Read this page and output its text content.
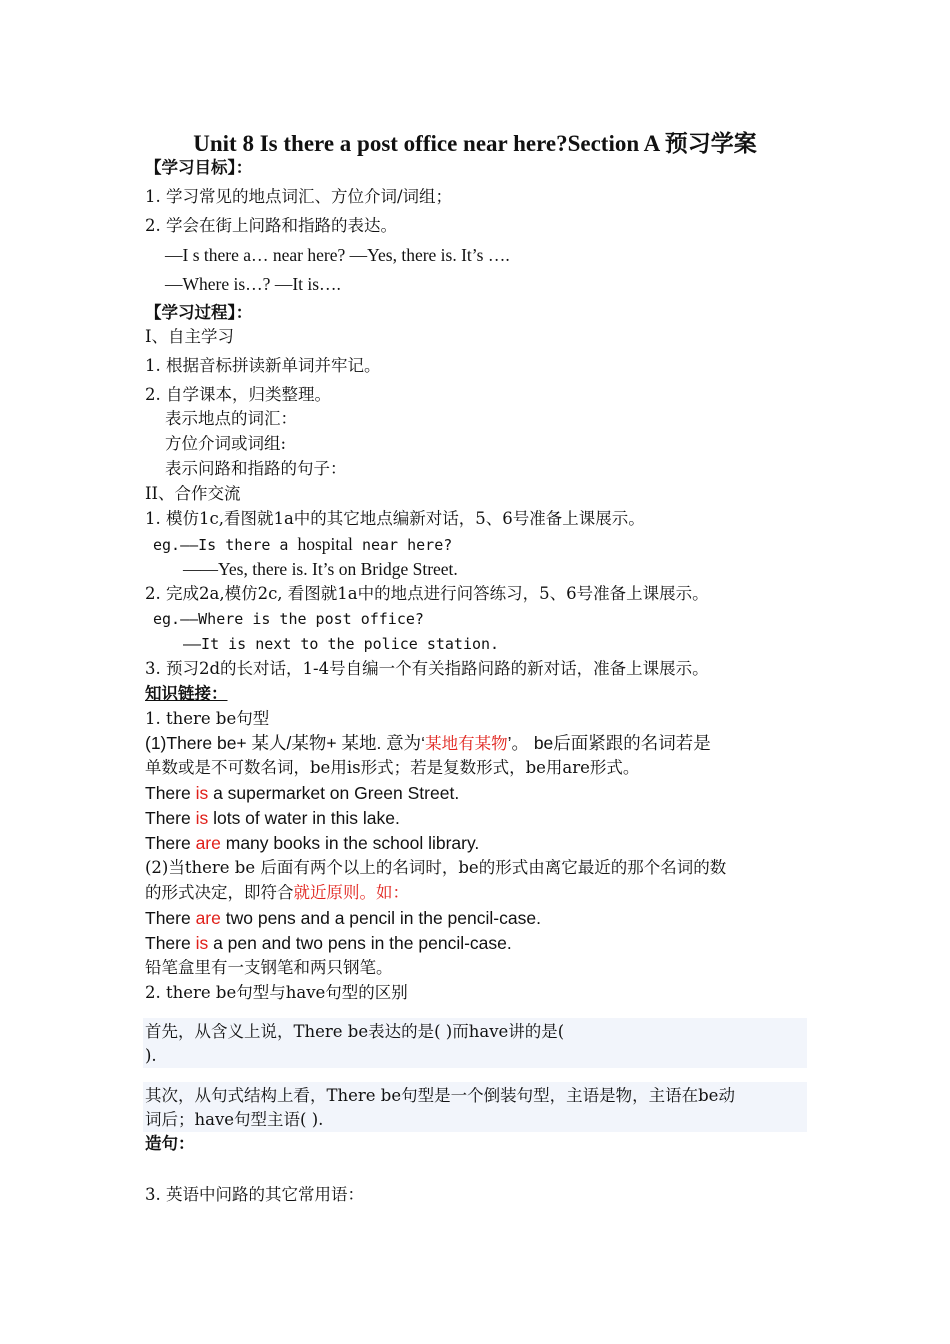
Unit 8 Is there a post office near here?Section A 预习学案
【学习目标】：
1. 学习常见的地点词汇、方位介词/词组；
2. 学会在街上问路和指路的表达。
—I s there a… near here? —Yes, there is. It’s ….
—Where is…? —It is….
【学习过程】：
I、自主学习
1. 根据音标拼读新单词并牢记。
2. 自学课本，归类整理。
表示地点的词汇：
方位介词或词组:
表示问路和指路的句子：
II、合作交流
1. 模仿1c,看图就1a中的其它地点编新对话，5、6号准备上课展示。
eg.——Is there a hospital near here?
——Yes, there is. It’s on Bridge Street.
2. 完成2a,模仿2c, 看图就1a中的地点进行问答练习，5、6号准备上课展示。
eg.——Where is the post office?
——It is next to the police station.
3. 预习2d的长对话，1-4号自编一个有关指路问路的新对话，准备上课展示。
知识链接：
1. there be句型
(1)There be+ 某人/某物+ 某地. 意为‘某地有某物’。 be后面紧跟的名词若是
单数或是不可数名词，be用is形式；若是复数形式，be用are形式。
There is a supermarket on Green Street.
There is lots of water in this lake.
There are many books in the school library.
(2)当there be 后面有两个以上的名词时，be的形式由离它最近的那个名词的数
的形式决定，即符合就近原则。如：
There are two pens and a pencil in the pencil-case.
There is a pen and two pens in the pencil-case.
铅笔盒里有一支钢笔和两只钢笔。
2. there be句型与have句型的区别
首先，从含义上说，There be表达的是( )而have讲的是(
).
其次，从句式结构上看，There be句型是一个倒装句型，主语是物，主语在be动
词后；have句型主语( ).
造句：
3. 英语中问路的其它常用语：
